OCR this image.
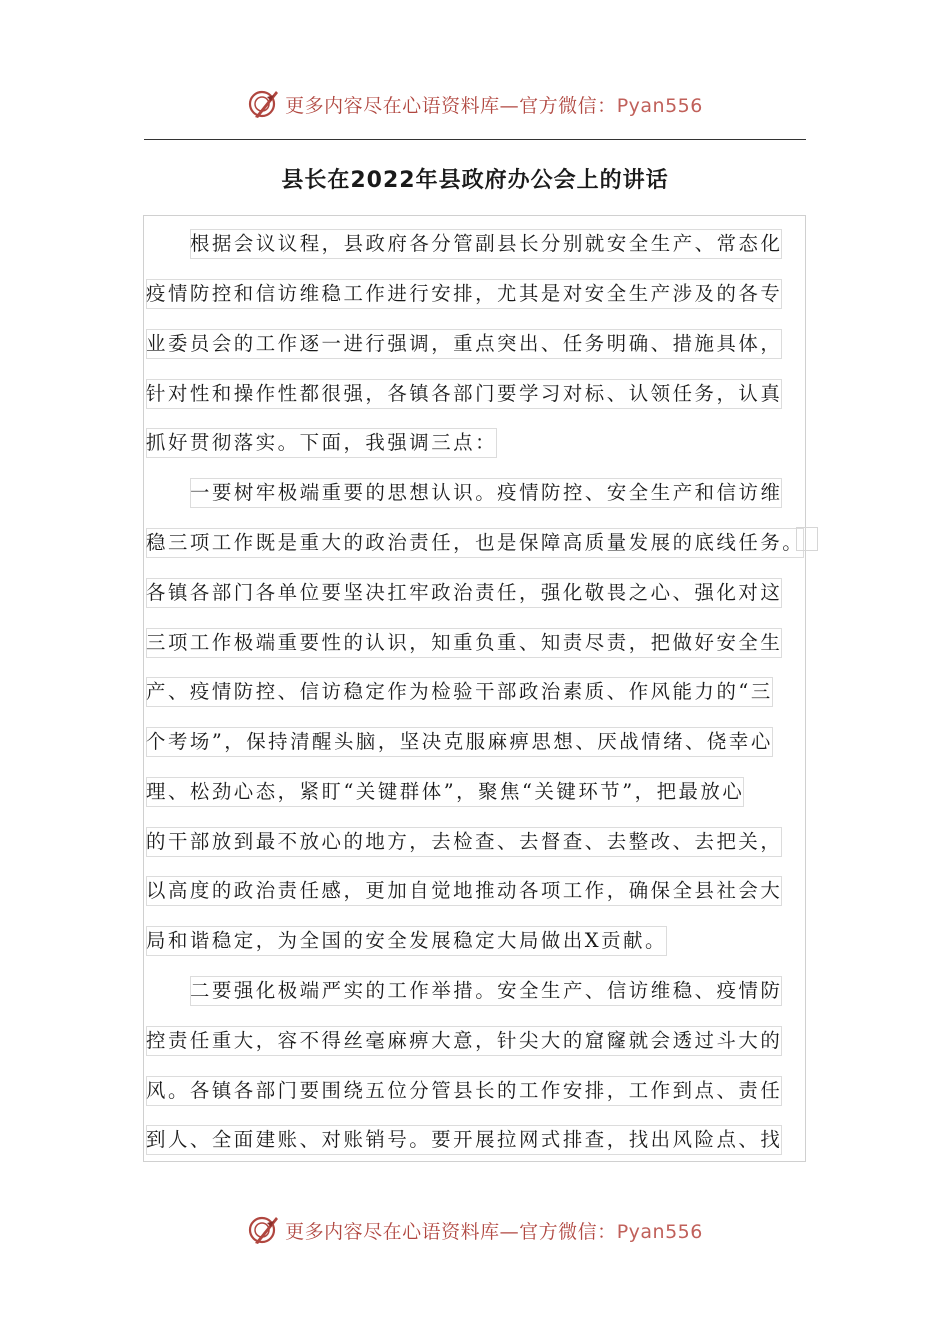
更多内容尽在心语资料库—官方微信：Pyan556
县长在2022年县政府办公会上的讲话
根据会议议程，县政府各分管副县长分别就安全生产、常态化
疫情防控和信访维稳工作进行安排，尤其是对安全生产涉及的各专
业委员会的工作逐一进行强调，重点突出、任务明确、措施具体，
针对性和操作性都很强，各镇各部门要学习对标、认领任务，认真
抓好贯彻落实。下面，我强调三点：
一要树牢极端重要的思想认识。疫情防控、安全生产和信访维
稳三项工作既是重大的政治责任，也是保障高质量发展的底线任务。
各镇各部门各单位要坚决扛牢政治责任，强化敬畏之心、强化对这
三项工作极端重要性的认识，知重负重、知责尽责，把做好安全生
产、疫情防控、信访稳定作为检验干部政治素质、作风能力的“三
个考场”，保持清醒头脑，坚决克服麻痹思想、厌战情绪、侥幸心
理、松劲心态，紧盯“关键群体”，聚焦“关键环节”，把最放心
的干部放到最不放心的地方，去检查、去督查、去整改、去把关，
以高度的政治责任感，更加自觉地推动各项工作，确保全县社会大
局和谐稳定，为全国的安全发展稳定大局做出X贡献。
二要强化极端严实的工作举措。安全生产、信访维稳、疫情防
控责任重大，容不得丝毫麻痹大意，针尖大的窟窿就会透过斗大的
风。各镇各部门要围绕五位分管县长的工作安排，工作到点、责任
到人、全面建账、对账销号。要开展拉网式排查，找出风险点、找
更多内容尽在心语资料库—官方微信：Pyan556
